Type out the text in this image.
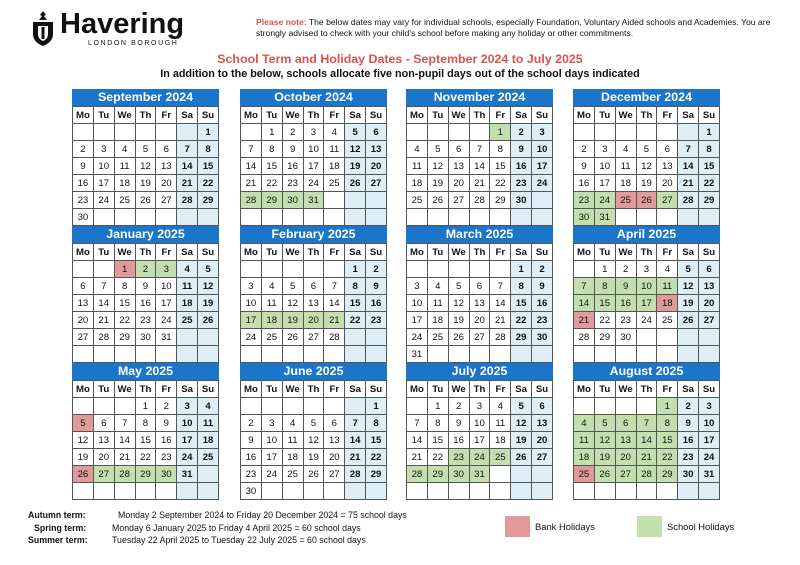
Havering
LONDON BOROUGH
Please note: The below dates may vary for individual schools, especially Foundation, Voluntary Aided schools and Academies. You are strongly advised to check with your child's school before making any holiday or other commitments.
School Term and Holiday Dates - September 2024 to July 2025
In addition to the below, schools allocate five non-pupil days out of the school days indicated
September 2024
Mo	Tu	We	Th	Fr	Sa	Su
						1
2	3	4	5	6	7	8
9	10	11	12	13	14	15
16	17	18	19	20	21	22
23	24	25	26	27	28	29
30						
October 2024
Mo	Tu	We	Th	Fr	Sa	Su
	1	2	3	4	5	6
7	8	9	10	11	12	13
14	15	16	17	18	19	20
21	22	23	24	25	26	27
28	29	30	31			

November 2024
Mo	Tu	We	Th	Fr	Sa	Su
				1	2	3
4	5	6	7	8	9	10
11	12	13	14	15	16	17
18	19	20	21	22	23	24
25	26	27	28	29	30	

December 2024
Mo	Tu	We	Th	Fr	Sa	Su
						1
2	3	4	5	6	7	8
9	10	11	12	13	14	15
16	17	18	19	20	21	22
23	24	25	26	27	28	29
30	31					
January 2025
Mo	Tu	We	Th	Fr	Sa	Su
		1	2	3	4	5
6	7	8	9	10	11	12
13	14	15	16	17	18	19
20	21	22	23	24	25	26
27	28	29	30	31		

February 2025
Mo	Tu	We	Th	Fr	Sa	Su
					1	2
3	4	5	6	7	8	9
10	11	12	13	14	15	16
17	18	19	20	21	22	23
24	25	26	27	28		

March 2025
Mo	Tu	We	Th	Fr	Sa	Su
					1	2
3	4	5	6	7	8	9
10	11	12	13	14	15	16
17	18	19	20	21	22	23
24	25	26	27	28	29	30
31						
April 2025
Mo	Tu	We	Th	Fr	Sa	Su
	1	2	3	4	5	6
7	8	9	10	11	12	13
14	15	16	17	18	19	20
21	22	23	24	25	26	27
28	29	30				

May 2025
Mo	Tu	We	Th	Fr	Sa	Su
			1	2	3	4
5	6	7	8	9	10	11
12	13	14	15	16	17	18
19	20	21	22	23	24	25
26	27	28	29	30	31	

June 2025
Mo	Tu	We	Th	Fr	Sa	Su
						1
2	3	4	5	6	7	8
9	10	11	12	13	14	15
16	17	18	19	20	21	22
23	24	25	26	27	28	29
30						
July 2025
Mo	Tu	We	Th	Fr	Sa	Su
	1	2	3	4	5	6
7	8	9	10	11	12	13
14	15	16	17	18	19	20
21	22	23	24	25	26	27
28	29	30	31			

August 2025
Mo	Tu	We	Th	Fr	Sa	Su
				1	2	3
4	5	6	7	8	9	10
11	12	13	14	15	16	17
18	19	20	21	22	23	24
25	26	27	28	29	30	31

Autumn term:	Monday 2 September 2024 to Friday 20 December 2024 = 75 school days
Spring term:	Monday 6 January 2025 to Friday 4 April 2025 = 60 school days
Summer term:	Tuesday 22 April 2025 to Tuesday 22 July 2025 = 60 school days
Bank Holidays	School Holidays
